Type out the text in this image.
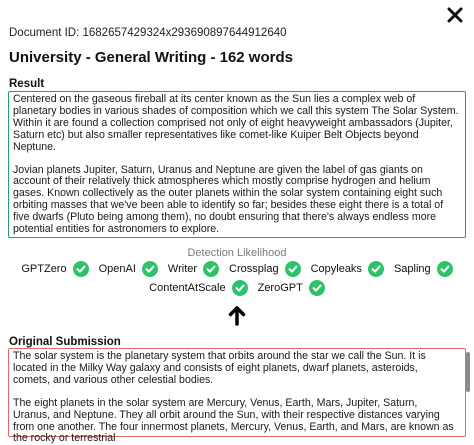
Document ID: 1682657429324x293690897644912640
University - General Writing - 162 words
Result

Centered on the gaseous fireball at its center known as the Sun lies a complex web of planetary bodies in various shades of composition which we call this system The Solar System. Within it are found a collection comprised not only of eight heavyweight ambassadors (Jupiter, Saturn etc) but also smaller representatives like comet-like Kuiper Belt Objects beyond Neptune.

Jovian planets Jupiter, Saturn, Uranus and Neptune are given the label of gas giants on account of their relatively thick atmospheres which mostly comprise hydrogen and helium gases. Known collectively as the outer planets within the solar system containing eight such orbiting masses that we've been able to identify so far; besides these eight there is a total of five dwarfs (Pluto being among them), no doubt ensuring that there's always endless more potential entities for astronomers to explore.

Detection Likelihood
GPTZero	OpenAI	Writer	Crossplag	Copyleaks	Sapling
ContentAtScale	ZeroGPT
Original Submission

The solar system is the planetary system that orbits around the star we call the Sun. It is located in the Milky Way galaxy and consists of eight planets, dwarf planets, asteroids, comets, and various other celestial bodies.

The eight planets in the solar system are Mercury, Venus, Earth, Mars, Jupiter, Saturn, Uranus, and Neptune. They all orbit around the Sun, with their respective distances varying from one another. The four innermost planets, Mercury, Venus, Earth, and Mars, are known as the rocky or terrestrial
